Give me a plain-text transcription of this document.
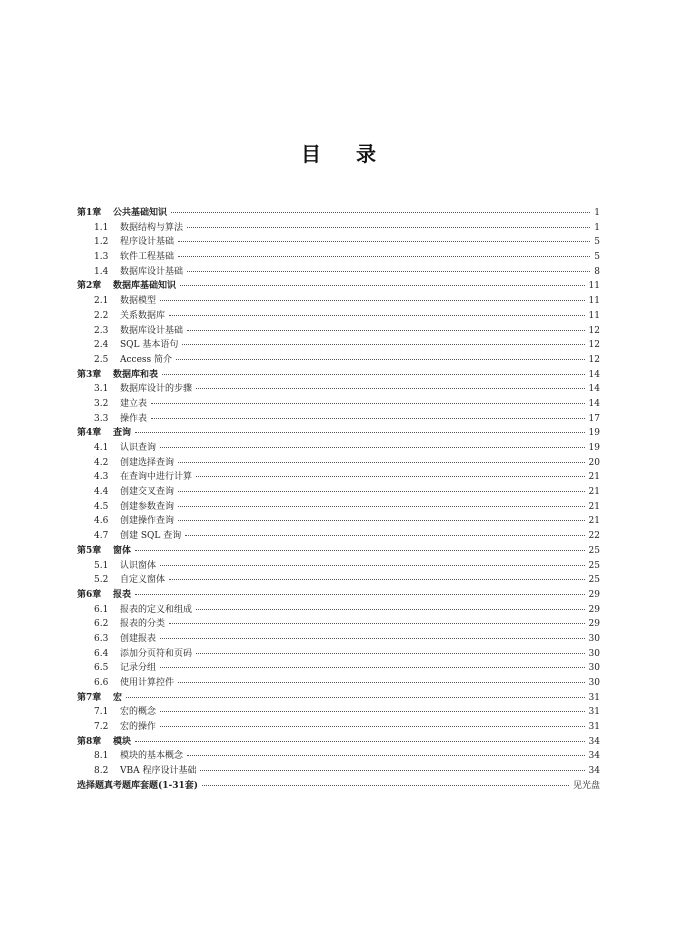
目 录
第1章	公共基础知识	1
1.1	数据结构与算法	1
1.2	程序设计基础	5
1.3	软件工程基础	5
1.4	数据库设计基础	8
第2章	数据库基础知识	11
2.1	数据模型	11
2.2	关系数据库	11
2.3	数据库设计基础	12
2.4	SQL 基本语句	12
2.5	Access 简介	12
第3章	数据库和表	14
3.1	数据库设计的步骤	14
3.2	建立表	14
3.3	操作表	17
第4章	查询	19
4.1	认识查询	19
4.2	创建选择查询	20
4.3	在查询中进行计算	21
4.4	创建交叉查询	21
4.5	创建参数查询	21
4.6	创建操作查询	21
4.7	创建 SQL 查询	22
第5章	窗体	25
5.1	认识窗体	25
5.2	自定义窗体	25
第6章	报表	29
6.1	报表的定义和组成	29
6.2	报表的分类	29
6.3	创建报表	30
6.4	添加分页符和页码	30
6.5	记录分组	30
6.6	使用计算控件	30
第7章	宏	31
7.1	宏的概念	31
7.2	宏的操作	31
第8章	模块	34
8.1	模块的基本概念	34
8.2	VBA 程序设计基础	34
选择题真考题库套题(1-31套)	见光盘
